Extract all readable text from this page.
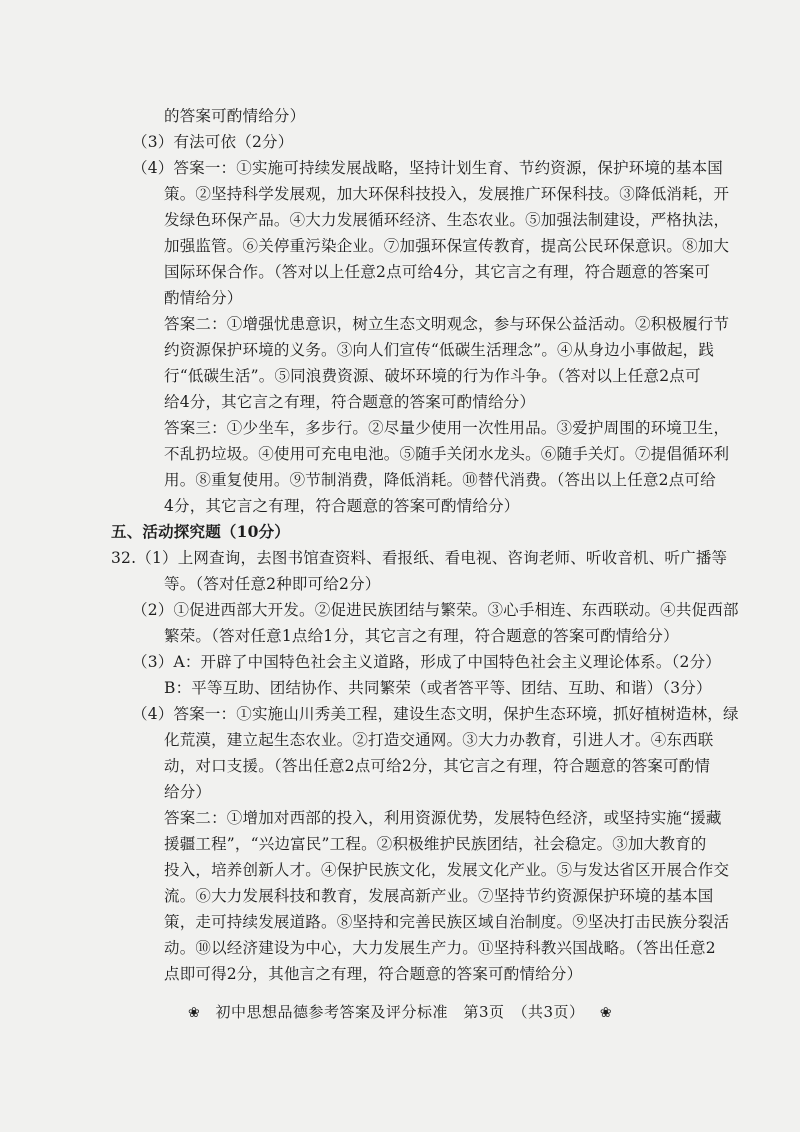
的答案可酌情给分）
（3）有法可依（2分）
（4）答案一：①实施可持续发展战略，坚持计划生育、节约资源，保护环境的基本国
策。②坚持科学发展观，加大环保科技投入，发展推广环保科技。③降低消耗，开
发绿色环保产品。④大力发展循环经济、生态农业。⑤加强法制建设，严格执法，
加强监管。⑥关停重污染企业。⑦加强环保宣传教育，提高公民环保意识。⑧加大
国际环保合作。（答对以上任意2点可给4分，其它言之有理，符合题意的答案可
酌情给分）
答案二：①增强忧患意识，树立生态文明观念，参与环保公益活动。②积极履行节
约资源保护环境的义务。③向人们宣传“低碳生活理念”。④从身边小事做起，践
行“低碳生活”。⑤同浪费资源、破坏环境的行为作斗争。（答对以上任意2点可
给4分，其它言之有理，符合题意的答案可酌情给分）
答案三：①少坐车，多步行。②尽量少使用一次性用品。③爱护周围的环境卫生，
不乱扔垃圾。④使用可充电电池。⑤随手关闭水龙头。⑥随手关灯。⑦提倡循环利
用。⑧重复使用。⑨节制消费，降低消耗。⑩替代消费。（答出以上任意2点可给
4分，其它言之有理，符合题意的答案可酌情给分）
五、活动探究题（10分）
32.（1）上网查询，去图书馆查资料、看报纸、看电视、咨询老师、听收音机、听广播等
等。（答对任意2种即可给2分）
（2）①促进西部大开发。②促进民族团结与繁荣。③心手相连、东西联动。④共促西部
繁荣。（答对任意1点给1分，其它言之有理，符合题意的答案可酌情给分）
（3）A：开辟了中国特色社会主义道路，形成了中国特色社会主义理论体系。（2分）
B：平等互助、团结协作、共同繁荣（或者答平等、团结、互助、和谐）（3分）
（4）答案一：①实施山川秀美工程，建设生态文明，保护生态环境，抓好植树造林，绿
化荒漠，建立起生态农业。②打造交通网。③大力办教育，引进人才。④东西联
动，对口支援。（答出任意2点可给2分，其它言之有理，符合题意的答案可酌情
给分）
答案二：①增加对西部的投入，利用资源优势，发展特色经济，或坚持实施“援藏
援疆工程”，“兴边富民”工程。②积极维护民族团结，社会稳定。③加大教育的
投入，培养创新人才。④保护民族文化，发展文化产业。⑤与发达省区开展合作交
流。⑥大力发展科技和教育，发展高新产业。⑦坚持节约资源保护环境的基本国
策，走可持续发展道路。⑧坚持和完善民族区域自治制度。⑨坚决打击民族分裂活
动。⑩以经济建设为中心，大力发展生产力。⑪坚持科教兴国战略。（答出任意2
点即可得2分，其他言之有理，符合题意的答案可酌情给分）
❀ 初中思想品德参考答案及评分标准　第3页　（共3页） ❀
